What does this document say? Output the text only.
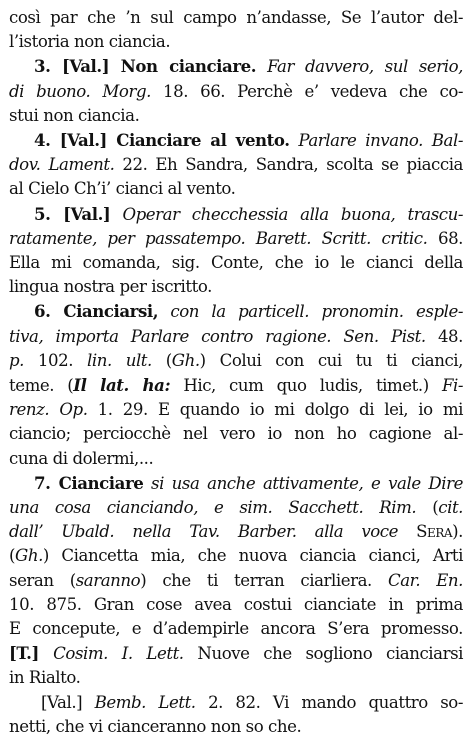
così par che ’n sul campo n’andasse, Se l’autor del-
l’istoria non ciancia.
3. [Val.] Non cianciare. Far davvero, sul serio,
di buono. Morg. 18. 66. Perchè e’ vedeva che co-
stui non ciancia.
4. [Val.] Cianciare al vento. Parlare invano. Bal-
dov. Lament. 22. Eh Sandra, Sandra, scolta se piaccia
al Cielo Ch’i’ cianci al vento.
5. [Val.] Operar checchessia alla buona, trascu-
ratamente, per passatempo. Barett. Scritt. critic. 68.
Ella mi comanda, sig. Conte, che io le cianci della
lingua nostra per iscritto.
6. Cianciarsi, con la particell. pronomin. esple-
tiva, importa Parlare contro ragione. Sen. Pist. 48.
p. 102. lin. ult. (Gh.) Colui con cui tu ti cianci,
teme. (Il lat. ha: Hic, cum quo ludis, timet.) Fi-
renz. Op. 1. 29. E quando io mi dolgo di lei, io mi
ciancio; perciocchè nel vero io non ho cagione al-
cuna di dolermi,...
7. Cianciare si usa anche attivamente, e vale Dire
una cosa cianciando, e sim. Sacchett. Rim. (cit.
dall’ Ubald. nella Tav. Barber. alla voce Sera).
(Gh.) Ciancetta mia, che nuova ciancia cianci, Arti
seran (saranno) che ti terran ciarliera. Car. En.
10. 875. Gran cose avea costui cianciate in prima
E concepute, e d’adempirle ancora S’era promesso.
[T.] Cosim. I. Lett. Nuove che sogliono cianciarsi
in Rialto.
[Val.] Bemb. Lett. 2. 82. Vi mando quattro so-
netti, che vi cianceranno non so che.
